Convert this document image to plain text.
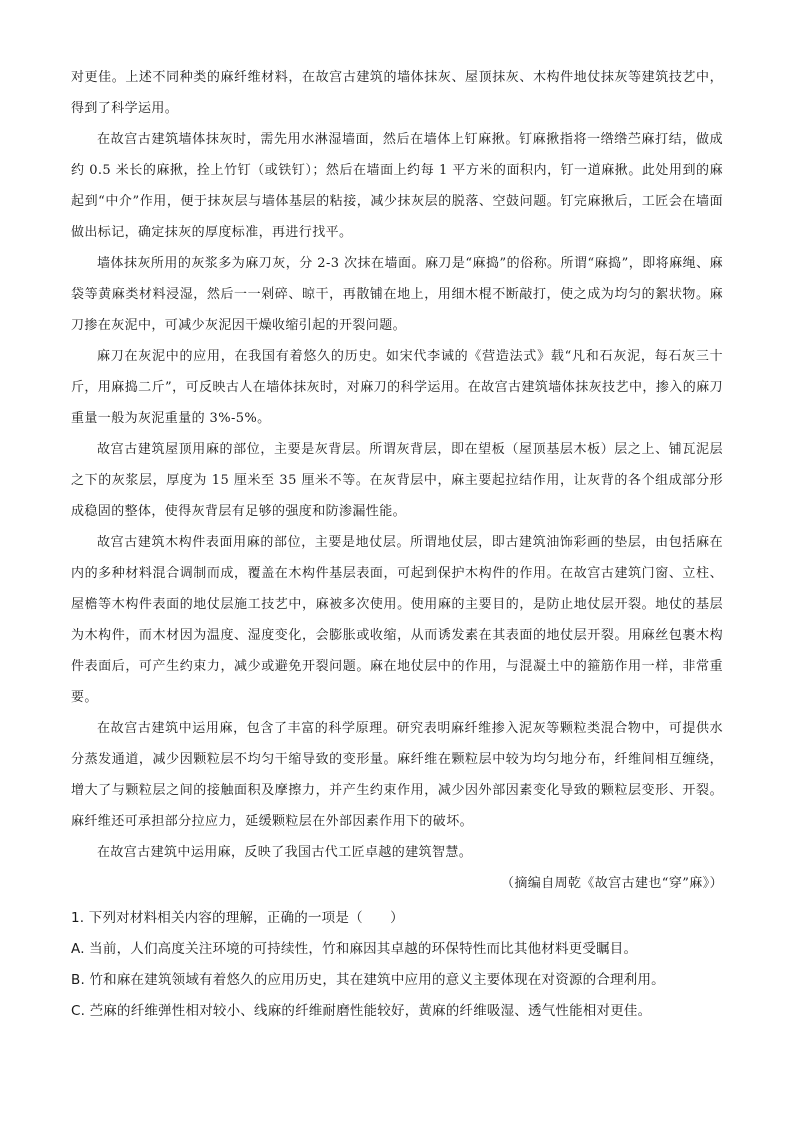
对更佳。上述不同种类的麻纤维材料，在故宫古建筑的墙体抹灰、屋顶抹灰、木构件地仗抹灰等建筑技艺中，得到了科学运用。

在故宫古建筑墙体抹灰时，需先用水淋湿墙面，然后在墙体上钉麻揪。钉麻揪指将一绺绺苎麻打结，做成约 0.5 米长的麻揪，拴上竹钉（或铁钉）；然后在墙面上约每 1 平方米的面积内，钉一道麻揪。此处用到的麻起到“中介”作用，便于抹灰层与墙体基层的粘接，减少抹灰层的脱落、空鼓问题。钉完麻揪后，工匠会在墙面做出标记，确定抹灰的厚度标准，再进行找平。

墙体抹灰所用的灰浆多为麻刀灰，分 2-3 次抹在墙面。麻刀是“麻捣”的俗称。所谓“麻捣”，即将麻绳、麻袋等黄麻类材料浸湿，然后一一剁碎、晾干，再散铺在地上，用细木棍不断敲打，使之成为均匀的絮状物。麻刀掺在灰泥中，可减少灰泥因干燥收缩引起的开裂问题。

麻刀在灰泥中的应用，在我国有着悠久的历史。如宋代李诫的《营造法式》载“凡和石灰泥，每石灰三十斤，用麻捣二斤”，可反映古人在墙体抹灰时，对麻刀的科学运用。在故宫古建筑墙体抹灰技艺中，掺入的麻刀重量一般为灰泥重量的 3%-5%。

故宫古建筑屋顶用麻的部位，主要是灰背层。所谓灰背层，即在望板（屋顶基层木板）层之上、铺瓦泥层之下的灰浆层，厚度为 15 厘米至 35 厘米不等。在灰背层中，麻主要起拉结作用，让灰背的各个组成部分形成稳固的整体，使得灰背层有足够的强度和防渗漏性能。

故宫古建筑木构件表面用麻的部位，主要是地仗层。所谓地仗层，即古建筑油饰彩画的垫层，由包括麻在内的多种材料混合调制而成，覆盖在木构件基层表面，可起到保护木构件的作用。在故宫古建筑门窗、立柱、屋檐等木构件表面的地仗层施工技艺中，麻被多次使用。使用麻的主要目的，是防止地仗层开裂。地仗的基层为木构件，而木材因为温度、湿度变化，会膨胀或收缩，从而诱发素在其表面的地仗层开裂。用麻丝包裹木构件表面后，可产生约束力，减少或避免开裂问题。麻在地仗层中的作用，与混凝土中的箍筋作用一样，非常重要。

在故宫古建筑中运用麻，包含了丰富的科学原理。研究表明麻纤维掺入泥灰等颗粒类混合物中，可提供水分蒸发通道，减少因颗粒层不均匀干缩导致的变形量。麻纤维在颗粒层中较为均匀地分布，纤维间相互缠绕，增大了与颗粒层之间的接触面积及摩擦力，并产生约束作用，减少因外部因素变化导致的颗粒层变形、开裂。麻纤维还可承担部分拉应力，延缓颗粒层在外部因素作用下的破坏。

在故宫古建筑中运用麻，反映了我国古代工匠卓越的建筑智慧。

（摘编自周乾《故宫古建也“穿”麻》）

1. 下列对材料相关内容的理解，正确的一项是（　　）

A. 当前，人们高度关注环境的可持续性，竹和麻因其卓越的环保特性而比其他材料更受瞩目。

B. 竹和麻在建筑领域有着悠久的应用历史，其在建筑中应用的意义主要体现在对资源的合理利用。

C. 苎麻的纤维弹性相对较小、线麻的纤维耐磨性能较好，黄麻的纤维吸湿、透气性能相对更佳。
